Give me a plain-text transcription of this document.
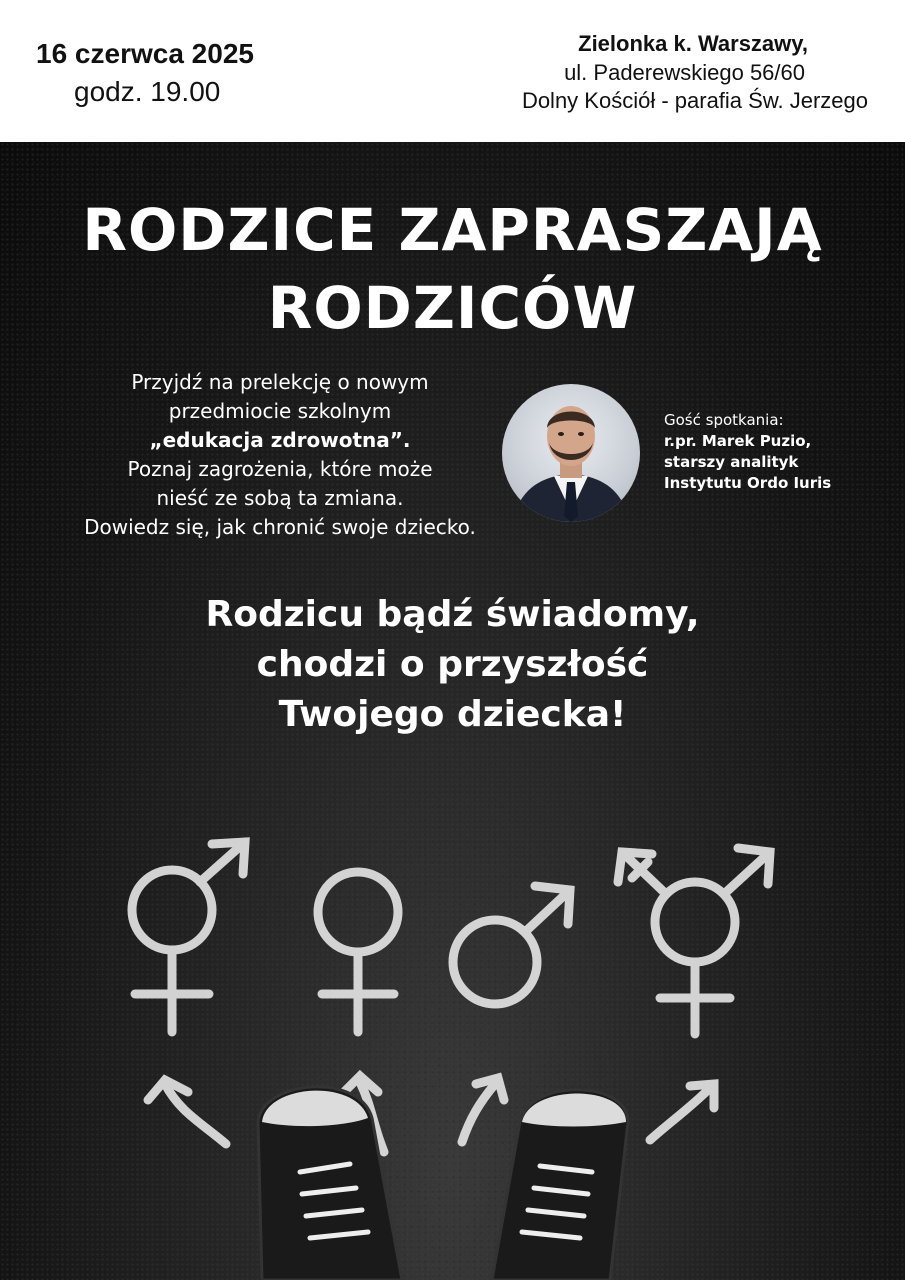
16 czerwca 2025
godz. 19.00
Zielonka k. Warszawy,
ul. Paderewskiego 56/60
Dolny Kościół - parafia Św. Jerzego
RODZICE ZAPRASZAJĄ
RODZICÓW
Przyjdź na prelekcję o nowym
przedmiocie szkolnym
„edukacja zdrowotna”.
Poznaj zagrożenia, które może
nieść ze sobą ta zmiana.
Dowiedz się, jak chronić swoje dziecko.
Gość spotkania:
r.pr. Marek Puzio,
starszy analityk
Instytutu Ordo Iuris
Rodzicu bądź świadomy,
chodzi o przyszłość
Twojego dziecka!
